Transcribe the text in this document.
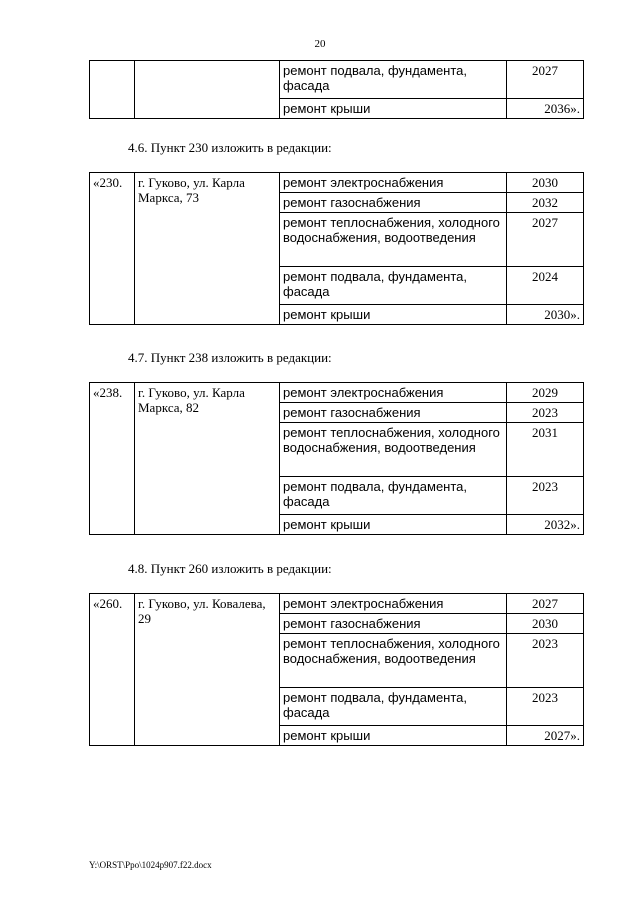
20
		ремонт подвала, фундамента, фасада	2027
		ремонт крыши	2036».
4.6. Пункт 230 изложить в редакции:
«230.	г. Гуково, ул. Карла Маркса, 73	ремонт электроснабжения	2030
		ремонт газоснабжения	2032
		ремонт теплоснабжения, холодного водоснабжения, водоотведения	2027
		ремонт подвала, фундамента, фасада	2024
		ремонт крыши	2030».
4.7. Пункт 238 изложить в редакции:
«238.	г. Гуково, ул. Карла Маркса, 82	ремонт электроснабжения	2029
		ремонт газоснабжения	2023
		ремонт теплоснабжения, холодного водоснабжения, водоотведения	2031
		ремонт подвала, фундамента, фасада	2023
		ремонт крыши	2032».
4.8. Пункт 260 изложить в редакции:
«260.	г. Гуково, ул. Ковалева, 29	ремонт электроснабжения	2027
		ремонт газоснабжения	2030
		ремонт теплоснабжения, холодного водоснабжения, водоотведения	2023
		ремонт подвала, фундамента, фасада	2023
		ремонт крыши	2027».
Y:\ORST\Ppo\1024p907.f22.docx
